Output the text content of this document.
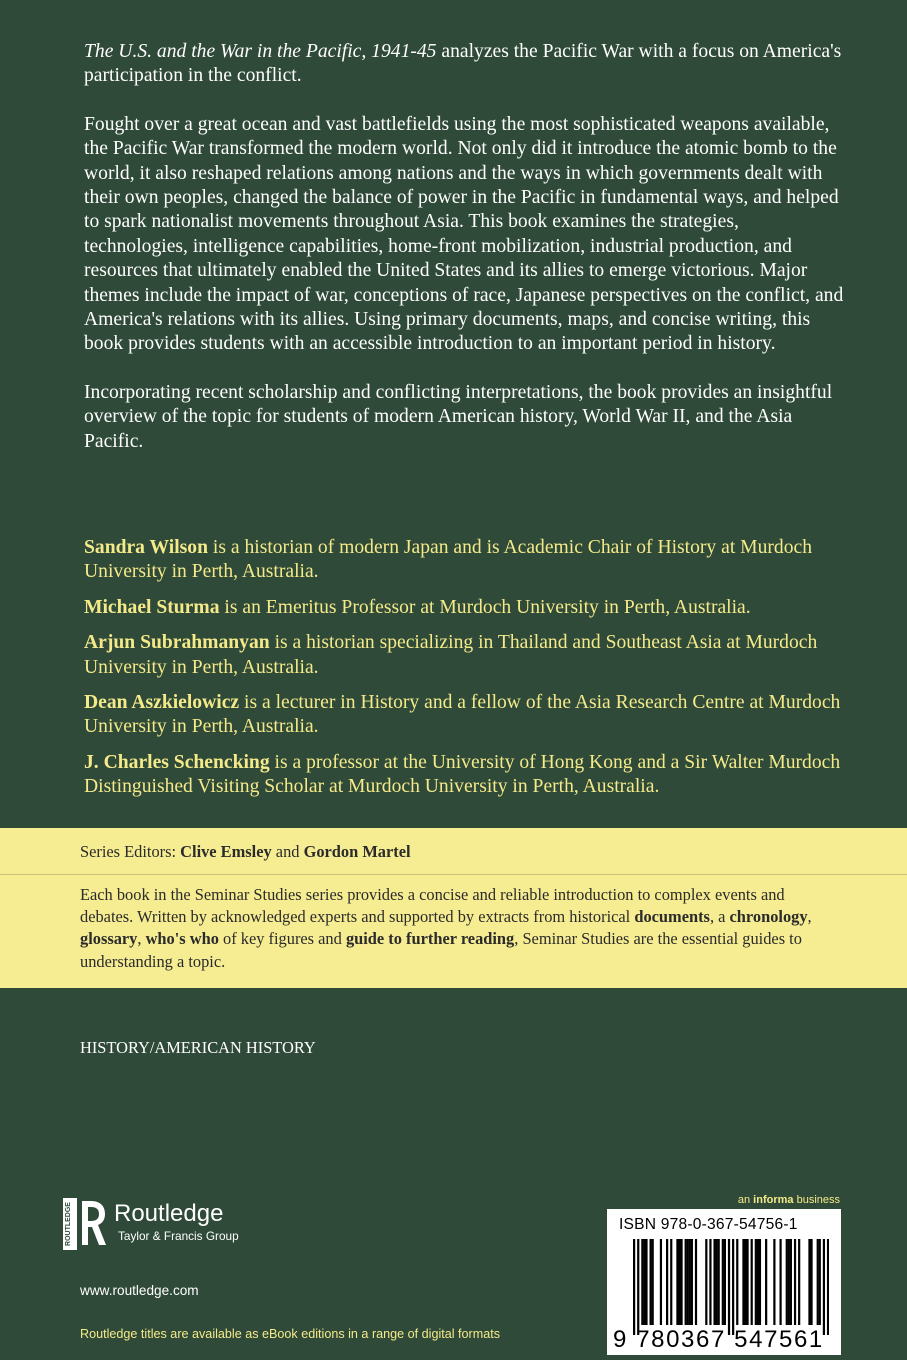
The U.S. and the War in the Pacific, 1941-45 analyzes the Pacific War with a focus on America's participation in the conflict.

Fought over a great ocean and vast battlefields using the most sophisticated weapons available, the Pacific War transformed the modern world. Not only did it introduce the atomic bomb to the world, it also reshaped relations among nations and the ways in which governments dealt with their own peoples, changed the balance of power in the Pacific in fundamental ways, and helped to spark nationalist movements throughout Asia. This book examines the strategies, technologies, intelligence capabilities, home-front mobilization, industrial production, and resources that ultimately enabled the United States and its allies to emerge victorious. Major themes include the impact of war, conceptions of race, Japanese perspectives on the conflict, and America's relations with its allies. Using primary documents, maps, and concise writing, this book provides students with an accessible introduction to an important period in history.

Incorporating recent scholarship and conflicting interpretations, the book provides an insightful overview of the topic for students of modern American history, World War II, and the Asia Pacific.

Sandra Wilson is a historian of modern Japan and is Academic Chair of History at Murdoch University in Perth, Australia.

Michael Sturma is an Emeritus Professor at Murdoch University in Perth, Australia.

Arjun Subrahmanyan is a historian specializing in Thailand and Southeast Asia at Murdoch University in Perth, Australia.

Dean Aszkielowicz is a lecturer in History and a fellow of the Asia Research Centre at Murdoch University in Perth, Australia.

J. Charles Schencking is a professor at the University of Hong Kong and a Sir Walter Murdoch Distinguished Visiting Scholar at Murdoch University in Perth, Australia.

Series Editors: Clive Emsley and Gordon Martel
Each book in the Seminar Studies series provides a concise and reliable introduction to complex events and debates. Written by acknowledged experts and supported by extracts from historical documents, a chronology, glossary, who's who of key figures and guide to further reading, Seminar Studies are the essential guides to understanding a topic.
HISTORY/AMERICAN HISTORY
ROUTLEDGE Routledge
Taylor & Francis Group
www.routledge.com
Routledge titles are available as eBook editions in a range of digital formats
an informa business
ISBN 978-0-367-54756-1
9 780367 547561
